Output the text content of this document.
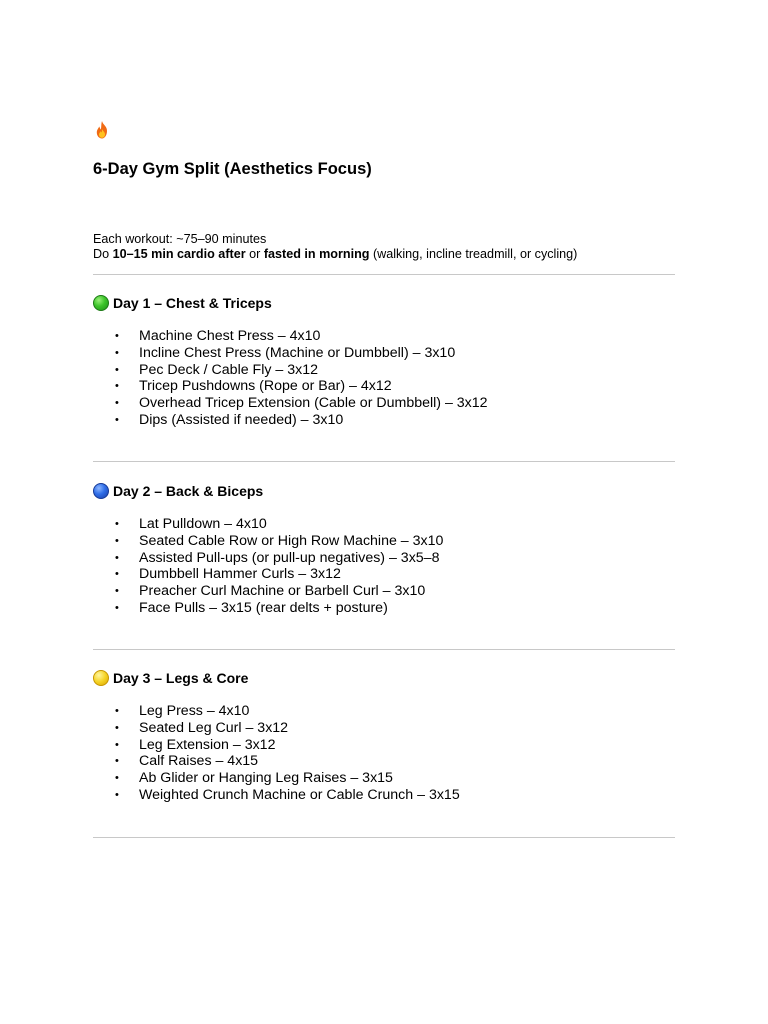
6-Day Gym Split (Aesthetics Focus)
Each workout: ~75–90 minutes
Do 10–15 min cardio after or fasted in morning (walking, incline treadmill, or cycling)
Day 1 – Chest & Triceps
• Machine Chest Press – 4x10
• Incline Chest Press (Machine or Dumbbell) – 3x10
• Pec Deck / Cable Fly – 3x12
• Tricep Pushdowns (Rope or Bar) – 4x12
• Overhead Tricep Extension (Cable or Dumbbell) – 3x12
• Dips (Assisted if needed) – 3x10
Day 2 – Back & Biceps
• Lat Pulldown – 4x10
• Seated Cable Row or High Row Machine – 3x10
• Assisted Pull-ups (or pull-up negatives) – 3x5–8
• Dumbbell Hammer Curls – 3x12
• Preacher Curl Machine or Barbell Curl – 3x10
• Face Pulls – 3x15 (rear delts + posture)
Day 3 – Legs & Core
• Leg Press – 4x10
• Seated Leg Curl – 3x12
• Leg Extension – 3x12
• Calf Raises – 4x15
• Ab Glider or Hanging Leg Raises – 3x15
• Weighted Crunch Machine or Cable Crunch – 3x15
